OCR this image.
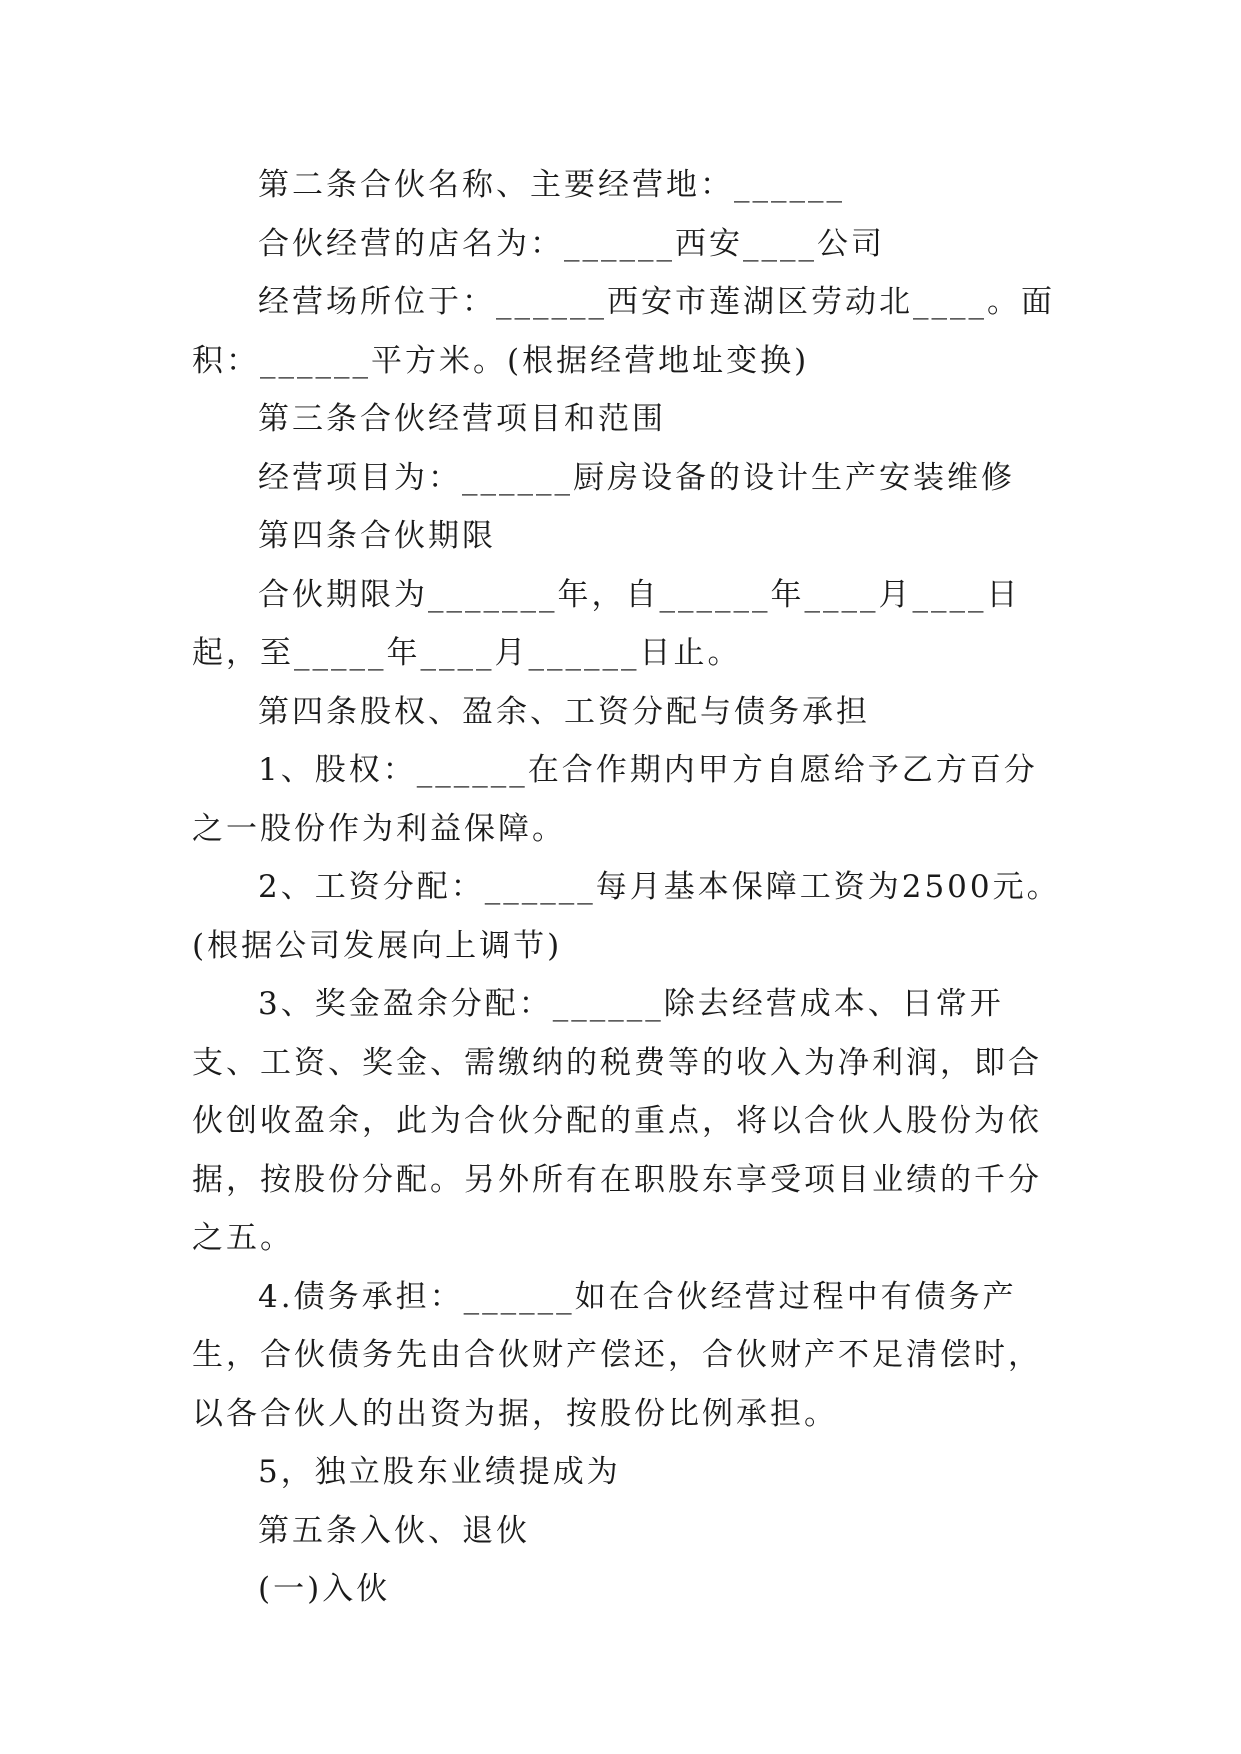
第二条合伙名称、主要经营地：______

合伙经营的店名为：______西安____公司

经营场所位于：______西安市莲湖区劳动北____。面积：______平方米。(根据经营地址变换)

第三条合伙经营项目和范围

经营项目为：______厨房设备的设计生产安装维修

第四条合伙期限

合伙期限为_______年，自______年____月____日起，至_____年____月______日止。

第四条股权、盈余、工资分配与债务承担

1、股权：______在合作期内甲方自愿给予乙方百分之一股份作为利益保障。

2、工资分配：______每月基本保障工资为2500元。(根据公司发展向上调节)

3、奖金盈余分配：______除去经营成本、日常开支、工资、奖金、需缴纳的税费等的收入为净利润，即合伙创收盈余，此为合伙分配的重点，将以合伙人股份为依据，按股份分配。另外所有在职股东享受项目业绩的千分之五。

4.债务承担：______如在合伙经营过程中有债务产生，合伙债务先由合伙财产偿还，合伙财产不足清偿时，以各合伙人的出资为据，按股份比例承担。

5，独立股东业绩提成为

第五条入伙、退伙

(一)入伙
